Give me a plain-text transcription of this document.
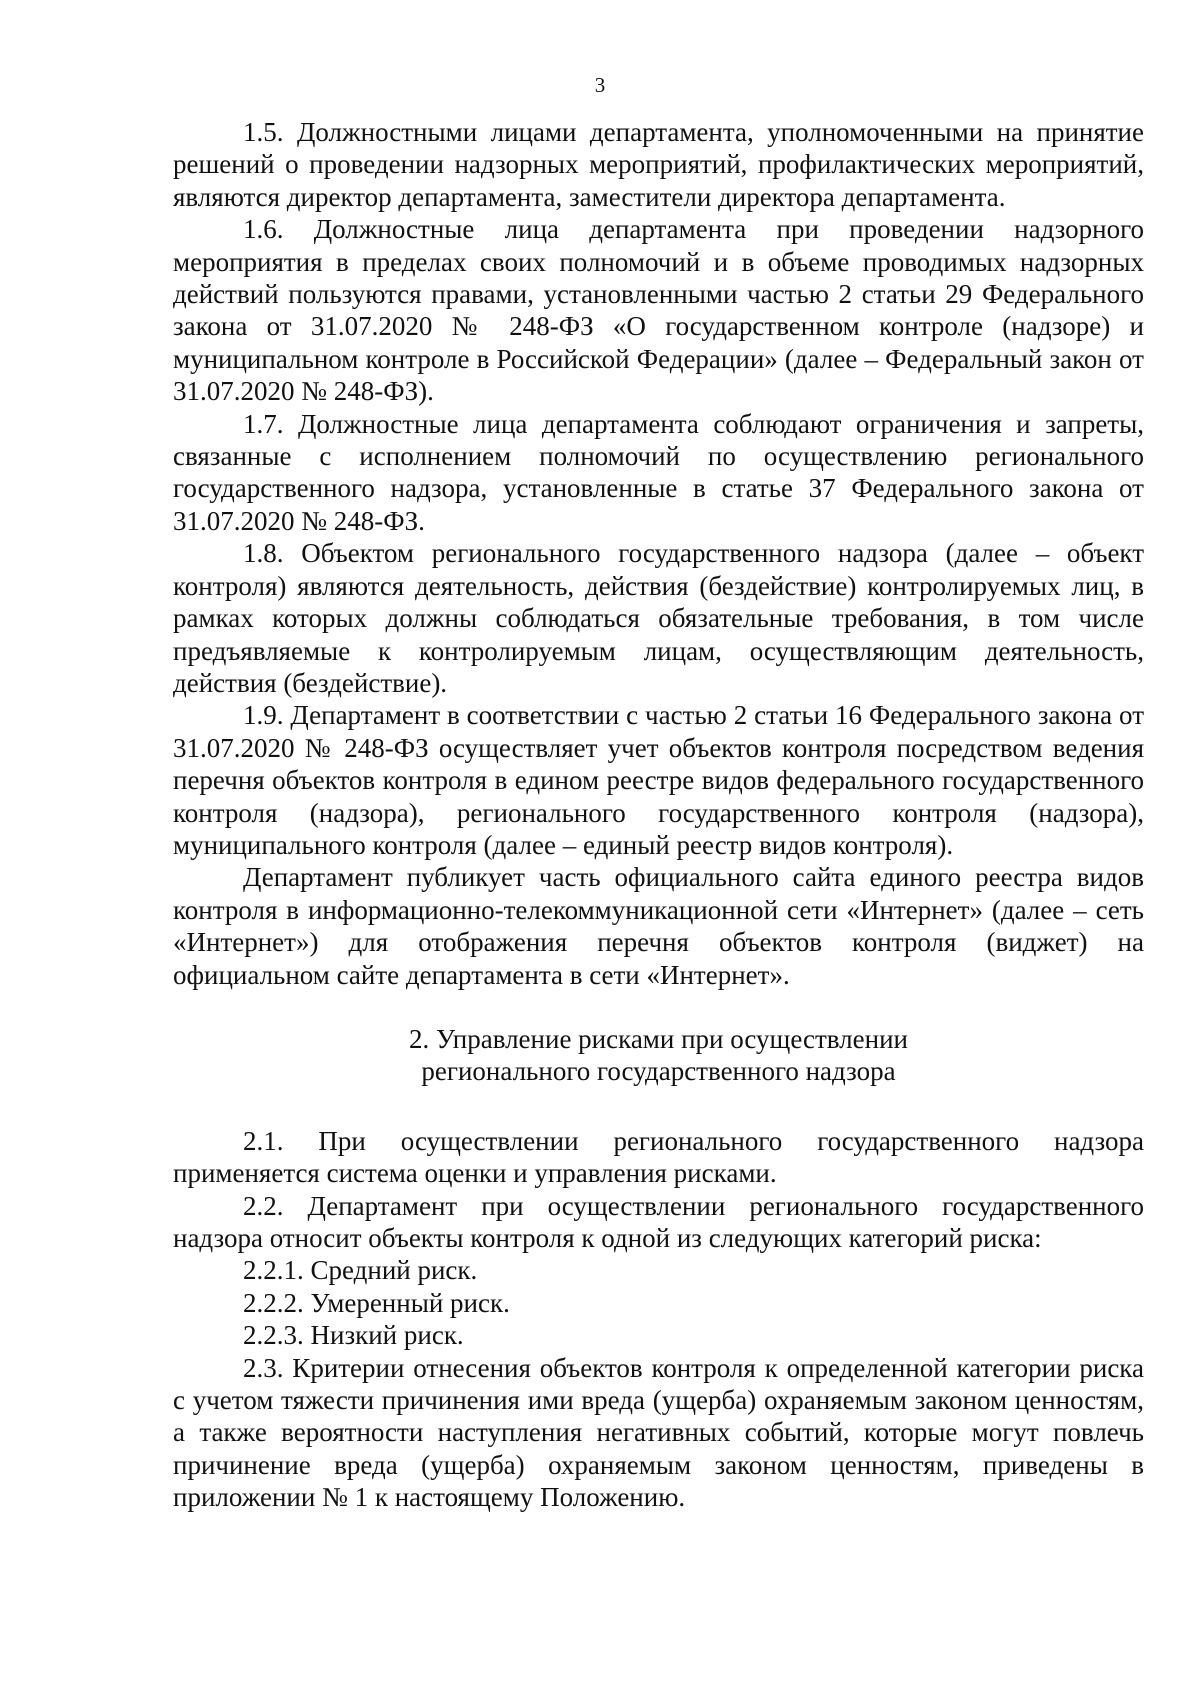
3

1.5. Должностными лицами департамента, уполномоченными на принятие решений о проведении надзорных мероприятий, профилактических мероприятий, являются директор департамента, заместители директора департамента.

1.6. Должностные лица департамента при проведении надзорного мероприятия в пределах своих полномочий и в объеме проводимых надзорных действий пользуются правами, установленными частью 2 статьи 29 Федерального закона от 31.07.2020 № 248-ФЗ «О государственном контроле (надзоре) и муниципальном контроле в Российской Федерации» (далее – Федеральный закон от 31.07.2020 № 248-ФЗ).

1.7. Должностные лица департамента соблюдают ограничения и запреты, связанные с исполнением полномочий по осуществлению регионального государственного надзора, установленные в статье 37 Федерального закона от 31.07.2020 № 248-ФЗ.

1.8. Объектом регионального государственного надзора (далее – объект контроля) являются деятельность, действия (бездействие) контролируемых лиц, в рамках которых должны соблюдаться обязательные требования, в том числе предъявляемые к контролируемым лицам, осуществляющим деятельность, действия (бездействие).

1.9. Департамент в соответствии с частью 2 статьи 16 Федерального закона от 31.07.2020 № 248-ФЗ осуществляет учет объектов контроля посредством ведения перечня объектов контроля в едином реестре видов федерального государственного контроля (надзора), регионального государственного контроля (надзора), муниципального контроля (далее – единый реестр видов контроля).

Департамент публикует часть официального сайта единого реестра видов контроля в информационно-телекоммуникационной сети «Интернет» (далее – сеть «Интернет») для отображения перечня объектов контроля (виджет) на официальном сайте департамента в сети «Интернет».

2. Управление рисками при осуществлении
регионального государственного надзора

2.1. При осуществлении регионального государственного надзора применяется система оценки и управления рисками.

2.2. Департамент при осуществлении регионального государственного надзора относит объекты контроля к одной из следующих категорий риска:

2.2.1. Средний риск.

2.2.2. Умеренный риск.

2.2.3. Низкий риск.

2.3. Критерии отнесения объектов контроля к определенной категории риска с учетом тяжести причинения ими вреда (ущерба) охраняемым законом ценностям, а также вероятности наступления негативных событий, которые могут повлечь причинение вреда (ущерба) охраняемым законом ценностям, приведены в приложении № 1 к настоящему Положению.
